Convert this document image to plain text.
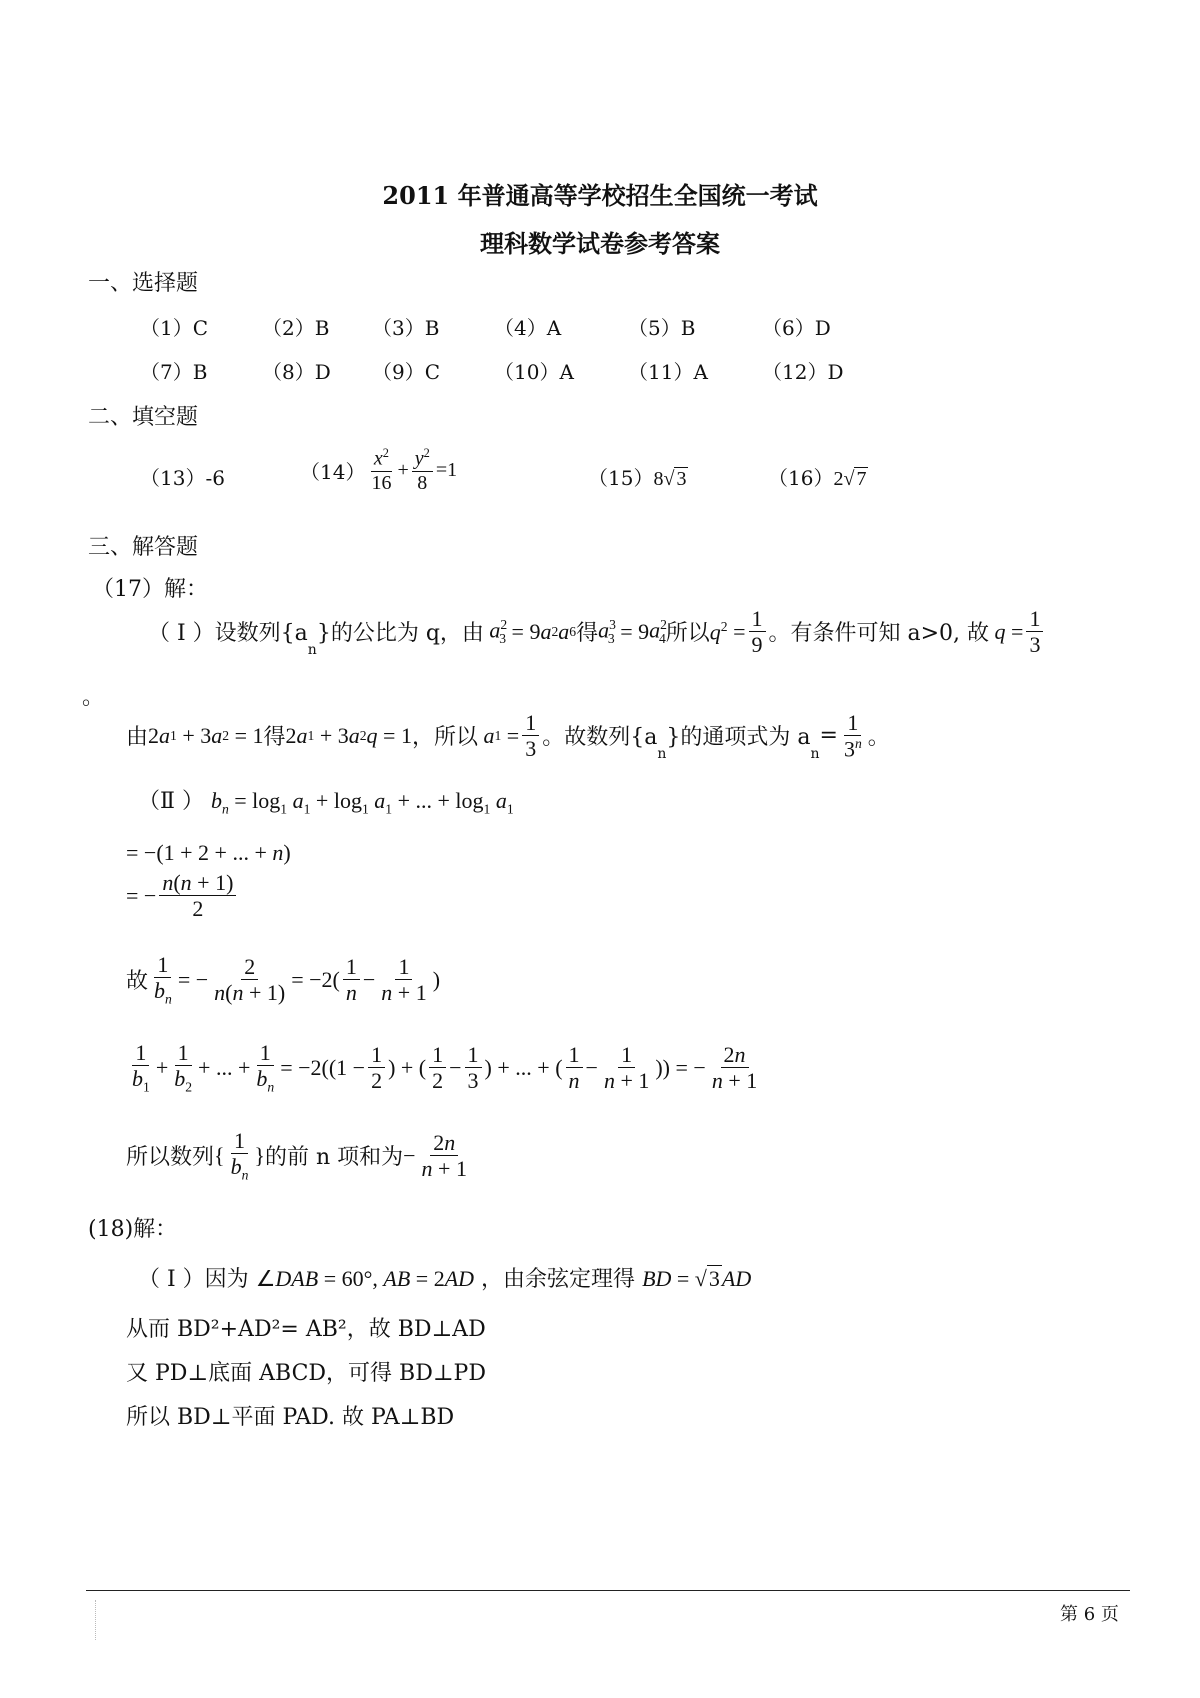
2011 年普通高等学校招生全国统一考试
理科数学试卷参考答案
一、选择题
（1）C	（2）B （3）B	（4）A	（5）B	（6）D
（7）B	（8）D （9）C	（10）A	（11）A	（12）D
二、填空题
（13）-6	$(14) \frac{x^2}{16} + \frac{y^2}{8} =1$	（15）8√ 3	（16）2√ 7
三、解答题
（17）解：
（ Ⅰ ）设数列{a
n
}的公比为 q，由 $a^2_3 = 9$ a 2 a 6 得 $a^3_3 = 9$ $a^2_4$ 所以 $q^2 = \frac{1}{9}$ 。有条件可知 a>0, 故 $q = \frac{1}{3}$
。
由 2 a 1 + 3 a 2 = 1 得 2 a 1 + 3 a 2 q = 1 ，所以 a $1 = \frac{1}{3}$ 。故数列{a
n
}的通项式为 a
n
= $\frac{1}{3^n}$ 。
（Ⅱ ） $b_n = \log_1 a_1 + \log_1 a_1$ + ... + $\log_1 a_1$
= −(1 + 2 + ... + n)
= − $\frac{n(n + 1)}{2}$
故 $\frac{1}{b_n}$ = − $\frac{2}{n(n + 1)} = -2( \frac{1}{n} - \frac{1}{n + 1}$ )
$\frac{1}{b_1} + \frac{1}{b_2}$ + ... + $\frac{1}{b_n} = -2((1 - \frac{1}{2}$ ) + ( $\frac{1}{2} - \frac{1}{3}$ ) + ... + ( $\frac{1}{n} - \frac{1}{n + 1}$ )) = − $\frac{2n}{n + 1}$
所以数列 { $\frac{1}{b_n}$ } 的前 n 项和为 − $\frac{2n}{n + 1}$
(18)解：
（ Ⅰ ）因为 ∠DAB = 60°, AB = 2AD ，由余弦定理得 BD = √3AD
从而 BD²+AD²= AB²，故 BD⊥AD
又 PD⊥底面 ABCD，可得 BD⊥PD
所以 BD⊥平面 PAD. 故 PA⊥BD
第 6 页
